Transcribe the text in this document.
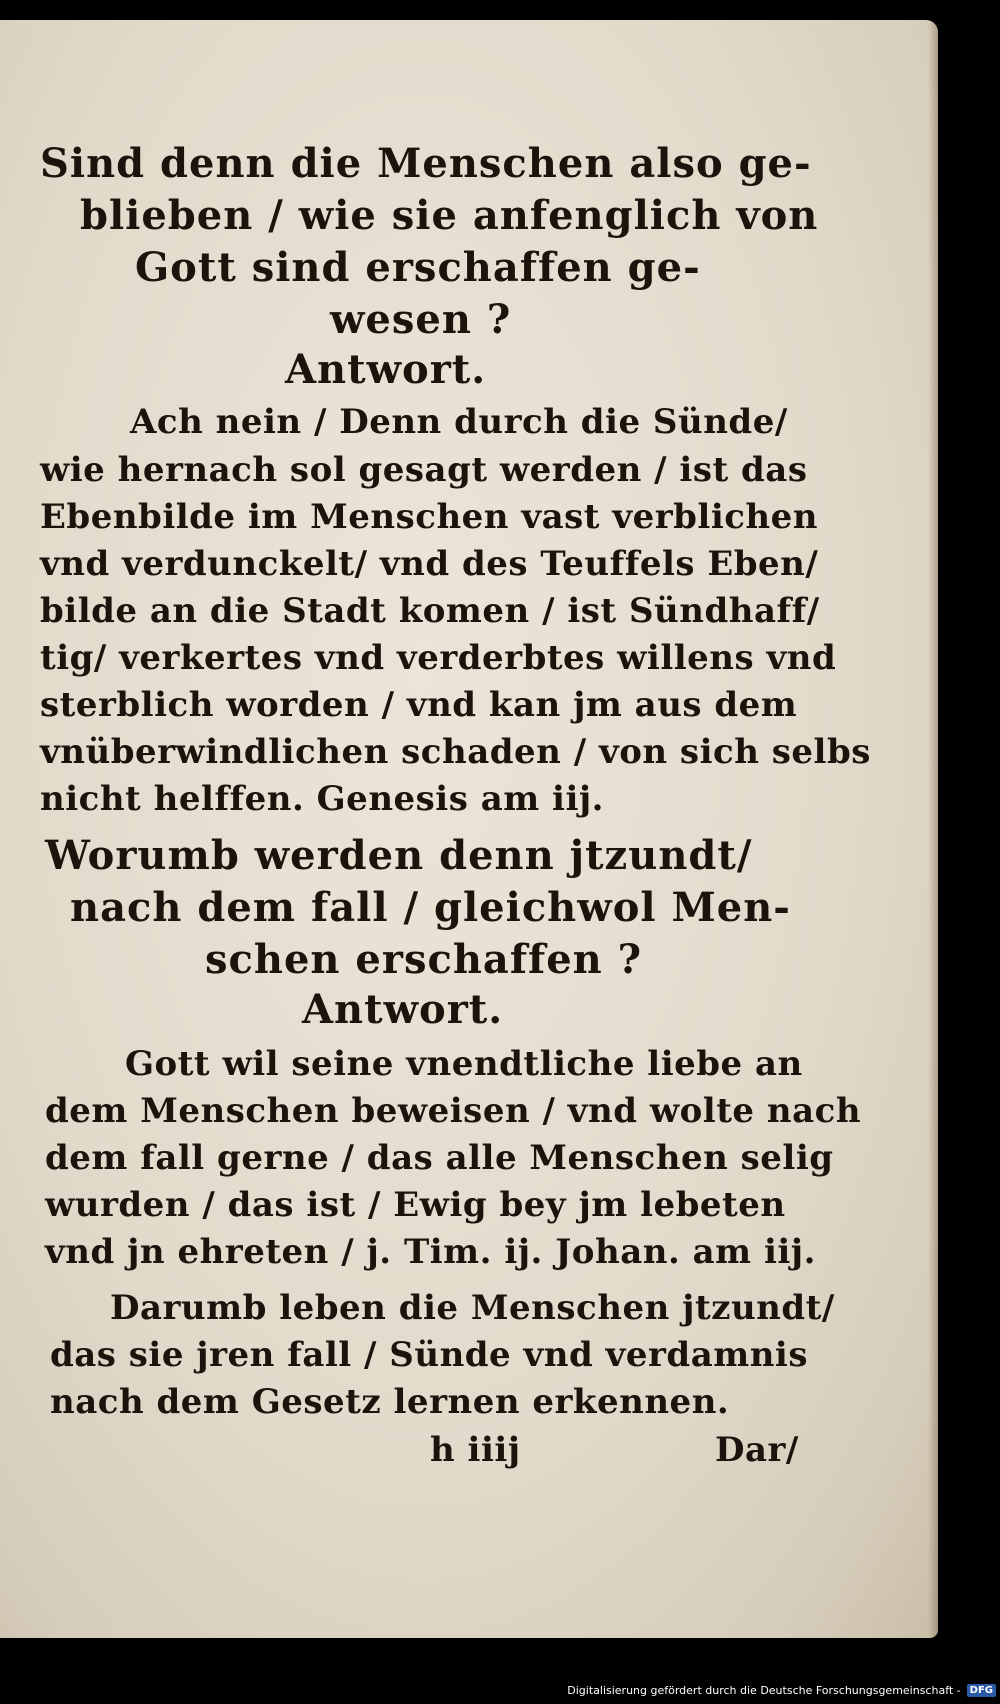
Sind denn die Menschen also ge-
blieben / wie sie anfenglich von
Gott sind erschaffen ge-
wesen ?
Antwort.
Ach nein / Denn durch die Sünde/
wie hernach sol gesagt werden / ist das
Ebenbilde im Menschen vast verblichen
vnd verdunckelt/ vnd des Teuffels Eben/
bilde an die Stadt komen / ist Sündhaff/
tig/ verkertes vnd verderbtes willens vnd
sterblich worden / vnd kan jm aus dem
vnüberwindlichen schaden / von sich selbs
nicht helffen. Genesis am iij.
Worumb werden denn jtzundt/
nach dem fall / gleichwol Men-
schen erschaffen ?
Antwort.
Gott wil seine vnendtliche liebe an
dem Menschen beweisen / vnd wolte nach
dem fall gerne / das alle Menschen selig
wurden / das ist / Ewig bey jm lebeten
vnd jn ehreten / j. Tim. ij. Johan. am iij.
Darumb leben die Menschen jtzundt/
das sie jren fall / Sünde vnd verdamnis
nach dem Gesetz lernen erkennen.
h iiij	Dar/
Digitalisierung gefördert durch die Deutsche Forschungsgemeinschaft - DFG
